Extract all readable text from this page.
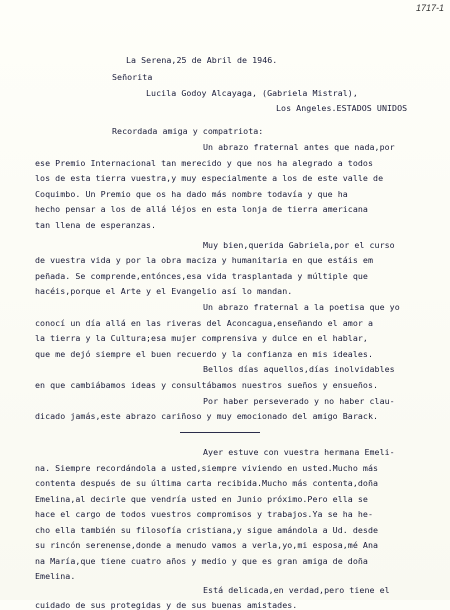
1717-1
La Serena,25 de Abril de 1946.
Señorita
Lucila Godoy Alcayaga, (Gabriela Mistral),
Los Angeles.ESTADOS UNIDOS
Recordada amiga y compatriota:
Un abrazo fraternal antes que nada,por
ese Premio Internacional tan merecido y que nos ha alegrado a todos
los de esta tierra vuestra,y muy especialmente a los de este valle de
Coquimbo. Un Premio que os ha dado más nombre todavía y que ha
hecho pensar a los de allá léjos en esta lonja de tierra americana
tan llena de esperanzas.
Muy bien,querida Gabriela,por el curso
de vuestra vida y por la obra maciza y humanitaria en que estáis em
peñada. Se comprende,entónces,esa vida trasplantada y múltiple que
hacéis,porque el Arte y el Evangelio así lo mandan.
Un abrazo fraternal a la poetisa que yo
conocí un día allá en las riveras del Aconcagua,enseñando el amor a
la tierra y la Cultura;esa mujer comprensiva y dulce en el hablar,
que me dejó siempre el buen recuerdo y la confianza en mis ideales.
Bellos días aquellos,días inolvidables
en que cambiábamos ideas y consultábamos nuestros sueños y ensueños.
Por haber perseverado y no haber clau-
dicado jamás,este abrazo cariñoso y muy emocionado del amigo Barack.
Ayer estuve con vuestra hermana Emeli-
na. Siempre recordándola a usted,siempre viviendo en usted.Mucho más
contenta después de su última carta recibida.Mucho más contenta,doña
Emelina,al decirle que vendría usted en Junio próximo.Pero ella se
hace el cargo de todos vuestros compromisos y trabajos.Ya se ha he-
cho ella también su filosofía cristiana,y sigue amándola a Ud. desde
su rincón serenense,donde a menudo vamos a verla,yo,mi esposa,mé Ana
na María,que tiene cuatro años y medio y que es gran amiga de doña
Emelina.
Está delicada,en verdad,pero tiene el
cuidado de sus protegidas y de sus buenas amistades.
